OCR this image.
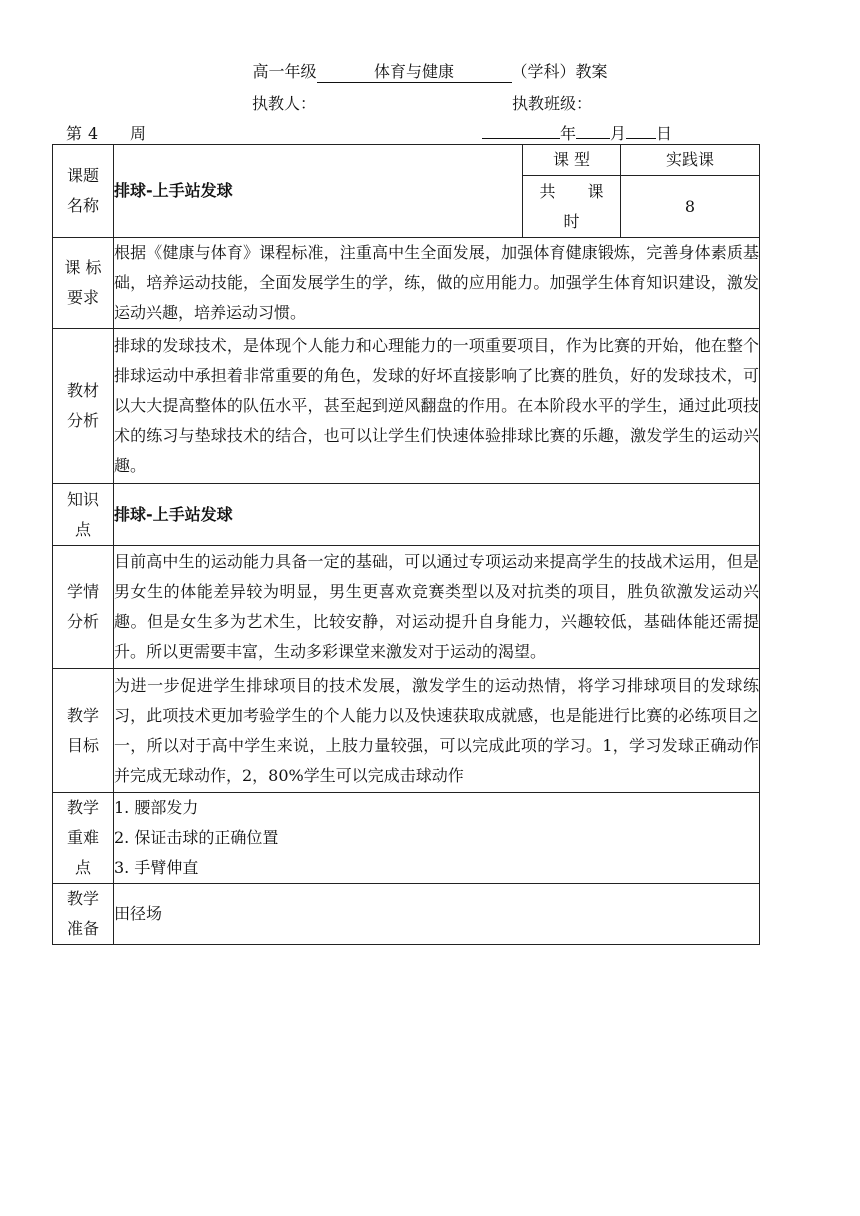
高一年级	体育与健康	（学科）教案
执教人：	执教班级：
第 4 周	年 月 日
课题
名称	排球-上手站发球	课 型	实践课

		共　　课
时	8

课 标
要求	根据《健康与体育》课程标准，注重高中生全面发展，加强体育健康锻炼，完善身体素质基础，培养运动技能，全面发展学生的学，练，做的应用能力。加强学生体育知识建设，激发运动兴趣，培养运动习惯。		

教材
分析	排球的发球技术，是体现个人能力和心理能力的一项重要项目，作为比赛的开始，他在整个排球运动中承担着非常重要的角色，发球的好坏直接影响了比赛的胜负，好的发球技术，可以大大提高整体的队伍水平，甚至起到逆风翻盘的作用。在本阶段水平的学生，通过此项技术的练习与垫球技术的结合，也可以让学生们快速体验排球比赛的乐趣，激发学生的运动兴趣。		

知识
点	排球-上手站发球		

学情
分析	目前高中生的运动能力具备一定的基础，可以通过专项运动来提高学生的技战术运用，但是男女生的体能差异较为明显，男生更喜欢竞赛类型以及对抗类的项目，胜负欲激发运动兴趣。但是女生多为艺术生，比较安静，对运动提升自身能力，兴趣较低，基础体能还需提升。所以更需要丰富，生动多彩课堂来激发对于运动的渴望。		

教学
目标	为进一步促进学生排球项目的技术发展，激发学生的运动热情，将学习排球项目的发球练习，此项技术更加考验学生的个人能力以及快速获取成就感，也是能进行比赛的必练项目之一，所以对于高中学生来说，上肢力量较强，可以完成此项的学习。1，学习发球正确动作并完成无球动作，2，80%学生可以完成击球动作		

教学
重难
点	1. 腰部发力
2. 保证击球的正确位置
3. 手臂伸直		

教学
准备	田径场		
